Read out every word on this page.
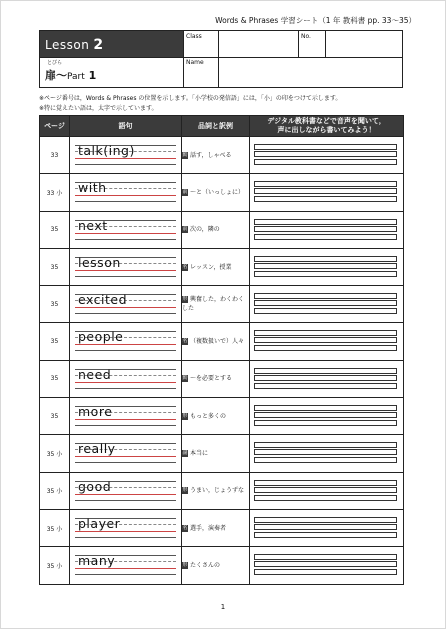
Words & Phrases 学習シート（1 年 教科書 pp. 33～35）
Lesson 2
とびら
扉～Part 1
Class	No.
Name
※ページ番号は，Words & Phrases の位置を示します。「小学校の発信語」には，「小」の印をつけて示します。
※特に覚えたい語は，太字で示しています。
ページ	語句	品詞と訳例	デジタル教科書などで音声を聞いて，
声に出しながら書いてみよう！
33	talk(ing)	動 話す，しゃべる	

33 小	with	前 ～と（いっしょに）	

35	next	前 次の，隣の	

35	lesson	名 レッスン，授業	

35	excited	形 興奮した，わくわくした	

35	people	名 （複数扱いで）人々	

35	need	動 ～を必要とする	

35	more	形 もっと多くの	

35 小	really	副 本当に	

35 小	good	形 うまい，じょうずな	

35 小	player	名 選手，演奏者	

35 小	many	形 たくさんの	
1
